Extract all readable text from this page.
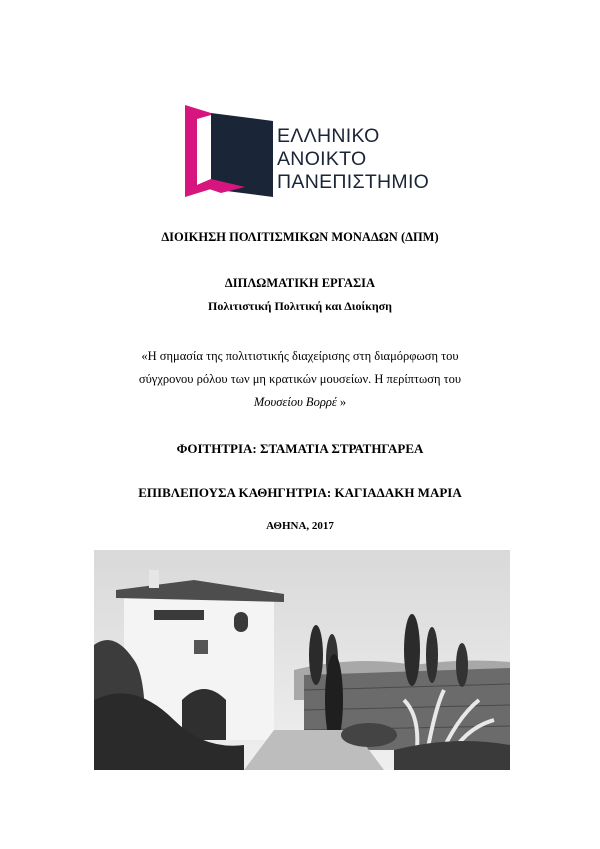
ΕΛΛΗΝΙΚΟ
ΑΝΟΙΚΤΟ
ΠΑΝΕΠΙΣΤΗΜΙΟ
ΔΙΟΙΚΗΣΗ ΠΟΛΙΤΙΣΜΙΚΩΝ ΜΟΝΑΔΩΝ (ΔΠΜ)
ΔΙΠΛΩΜΑΤΙΚΗ ΕΡΓΑΣΙΑ
Πολιτιστική Πολιτική και Διοίκηση
«Η σημασία της πολιτιστικής διαχείρισης στη διαμόρφωση του
σύγχρονου ρόλου των μη κρατικών μουσείων. Η περίπτωση του
Μουσείου Βορρέ »
ΦΟΙΤΗΤΡΙΑ: ΣΤΑΜΑΤΙΑ ΣΤΡΑΤΗΓΑΡΕΑ
ΕΠΙΒΛΕΠΟΥΣΑ ΚΑΘΗΓΗΤΡΙΑ: ΚΑΓΙΑΔΑΚΗ ΜΑΡΙΑ
ΑΘΗΝΑ, 2017
